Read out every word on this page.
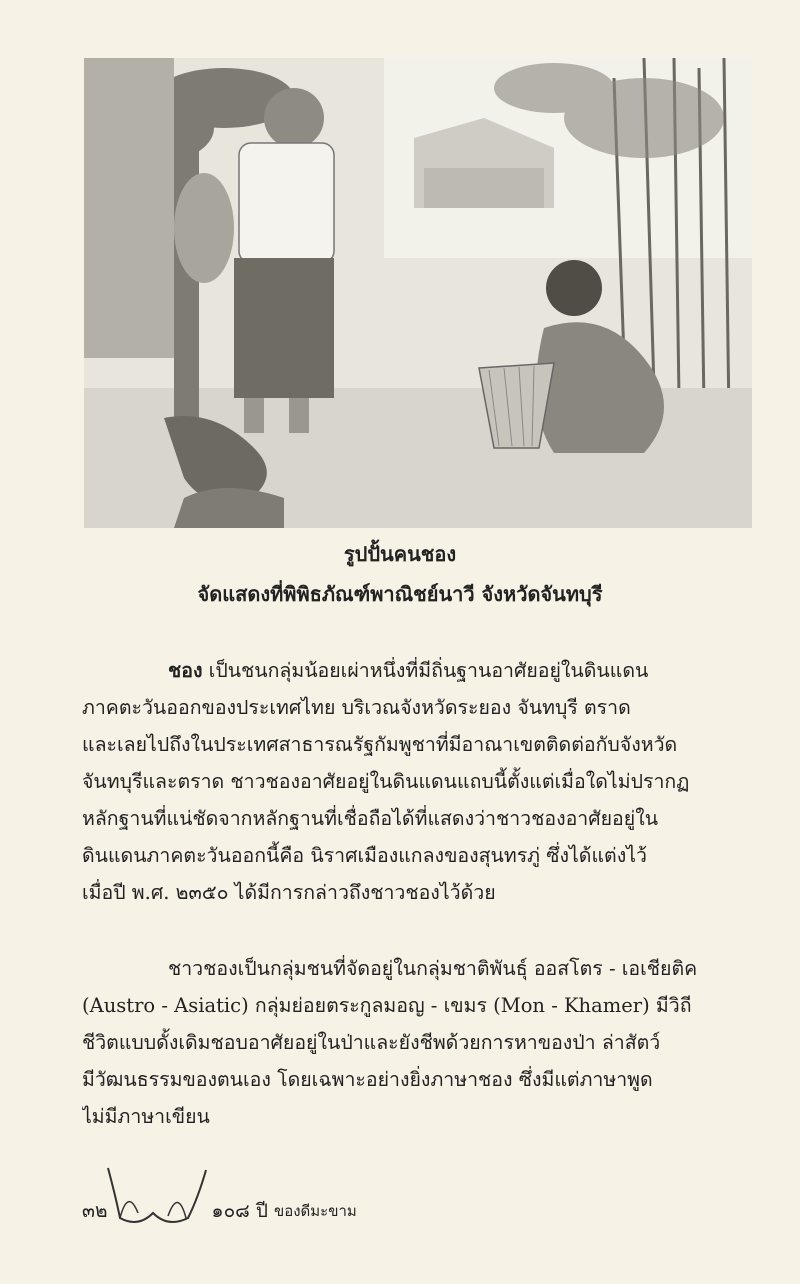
รูปปั้นคนชอง
จัดแสดงที่พิพิธภัณฑ์พาณิชย์นาวี จังหวัดจันทบุรี
ชอง เป็นชนกลุ่มน้อยเผ่าหนึ่งที่มีถิ่นฐานอาศัยอยู่ในดินแดน
ภาคตะวันออกของประเทศไทย บริเวณจังหวัดระยอง จันทบุรี ตราด
และเลยไปถึงในประเทศสาธารณรัฐกัมพูชาที่มีอาณาเขตติดต่อกับจังหวัด
จันทบุรีและตราด ชาวชองอาศัยอยู่ในดินแดนแถบนี้ตั้งแต่เมื่อใดไม่ปรากฏ
หลักฐานที่แน่ชัดจากหลักฐานที่เชื่อถือได้ที่แสดงว่าชาวชองอาศัยอยู่ใน
ดินแดนภาคตะวันออกนี้คือ นิราศเมืองแกลงของสุนทรภู่ ซึ่งได้แต่งไว้
เมื่อปี พ.ศ. ๒๓๕๐ ได้มีการกล่าวถึงชาวชองไว้ด้วย
ชาวชองเป็นกลุ่มชนที่จัดอยู่ในกลุ่มชาติพันธุ์ ออสโตร - เอเชียติค
(Austro - Asiatic) กลุ่มย่อยตระกูลมอญ - เขมร (Mon - Khamer) มีวิถี
ชีวิตแบบดั้งเดิมชอบอาศัยอยู่ในป่าและยังชีพด้วยการหาของป่า ล่าสัตว์
มีวัฒนธรรมของตนเอง โดยเฉพาะอย่างยิ่งภาษาชอง ซึ่งมีแต่ภาษาพูด
ไม่มีภาษาเขียน
๓๒	๑๐๘ ปี ของดีมะขาม
